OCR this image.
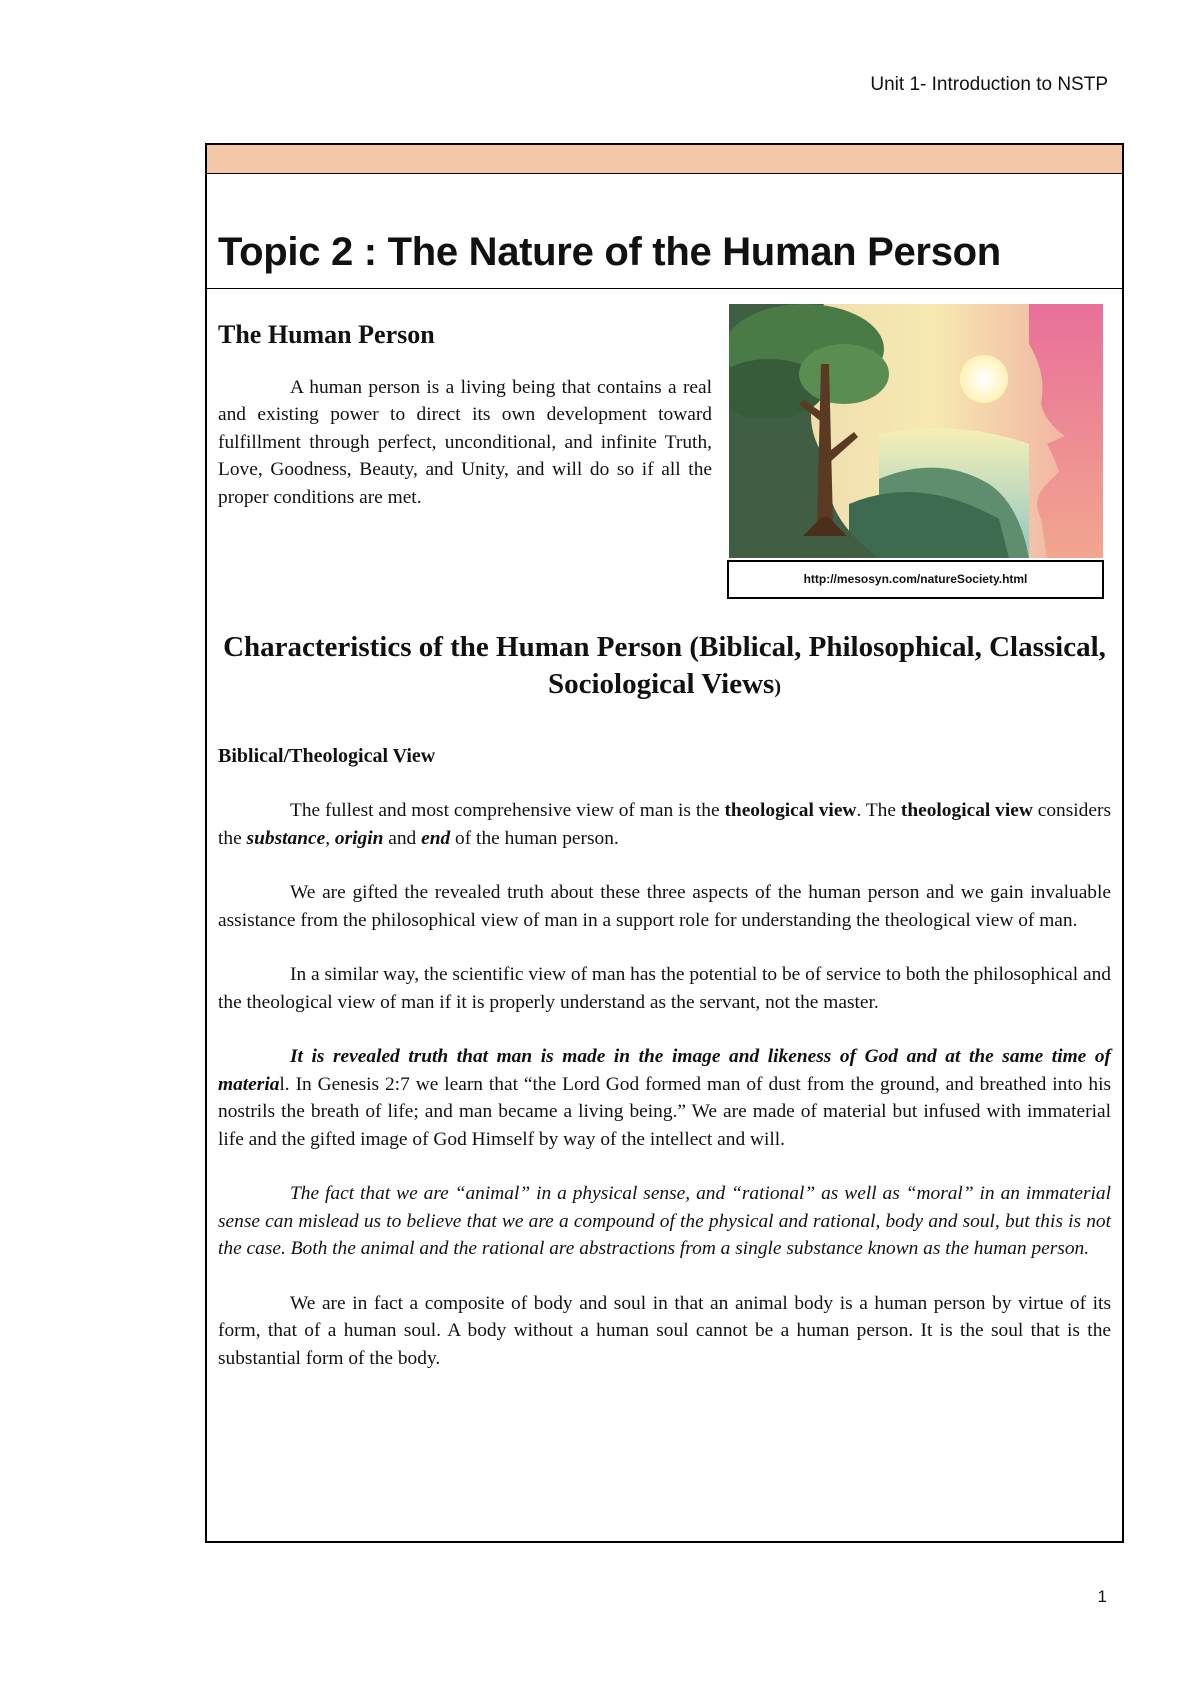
Unit 1- Introduction to NSTP
Topic 2 : The Nature of the Human Person
The Human Person

A human person is a living being that contains a real and existing power to direct its own development toward fulfillment through perfect, unconditional, and infinite Truth, Love, Goodness, Beauty, and Unity, and will do so if all the proper conditions are met.

http://mesosyn.com/natureSociety.html
Characteristics of the Human Person (Biblical, Philosophical, Classical, Sociological Views)
Biblical/Theological View

The fullest and most comprehensive view of man is the theological view. The theological view considers the substance, origin and end of the human person.

We are gifted the revealed truth about these three aspects of the human person and we gain invaluable assistance from the philosophical view of man in a support role for understanding the theological view of man.

In a similar way, the scientific view of man has the potential to be of service to both the philosophical and the theological view of man if it is properly understand as the servant, not the master.

It is revealed truth that man is made in the image and likeness of God and at the same time of material. In Genesis 2:7 we learn that “the Lord God formed man of dust from the ground, and breathed into his nostrils the breath of life; and man became a living being.” We are made of material but infused with immaterial life and the gifted image of God Himself by way of the intellect and will.

The fact that we are “animal” in a physical sense, and “rational” as well as “moral” in an immaterial sense can mislead us to believe that we are a compound of the physical and rational, body and soul, but this is not the case. Both the animal and the rational are abstractions from a single substance known as the human person.

We are in fact a composite of body and soul in that an animal body is a human person by virtue of its form, that of a human soul. A body without a human soul cannot be a human person. It is the soul that is the substantial form of the body.

1
